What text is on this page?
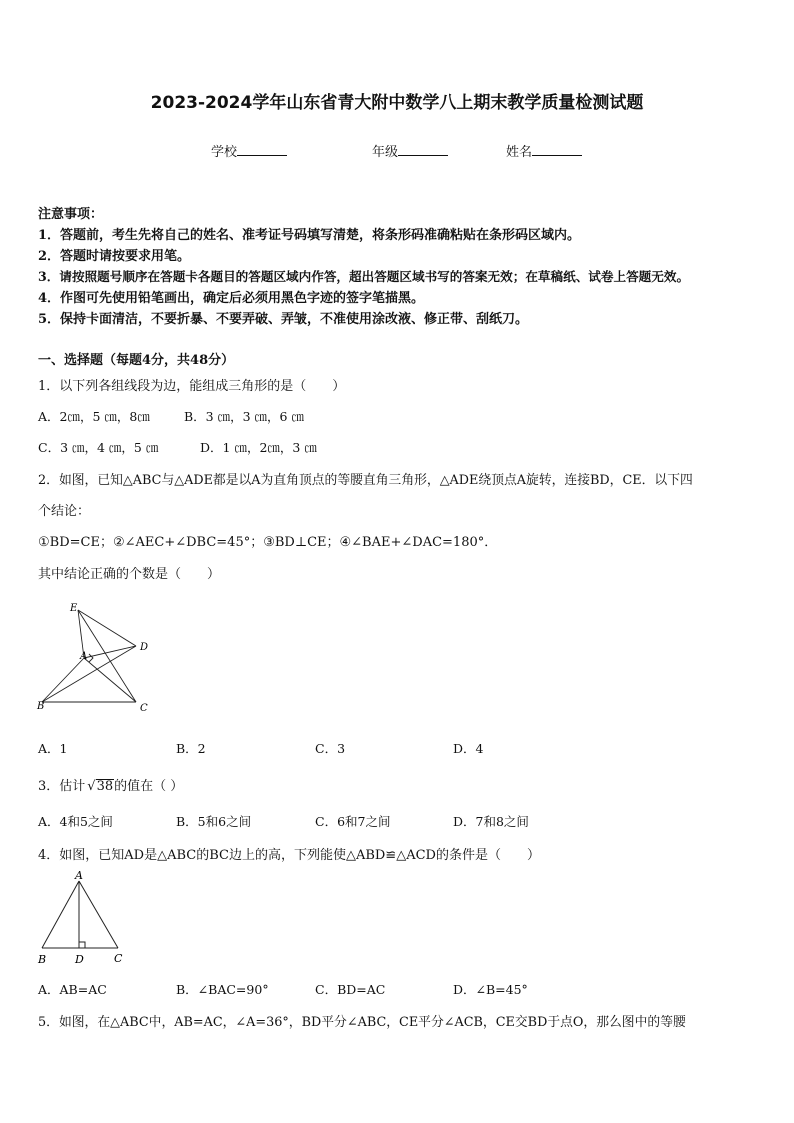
2023-2024学年山东省青大附中数学八上期末教学质量检测试题
学校	年级	姓名
注意事项：
1．答题前，考生先将自己的姓名、准考证号码填写清楚，将条形码准确粘贴在条形码区域内。
2．答题时请按要求用笔。
3．请按照题号顺序在答题卡各题目的答题区域内作答，超出答题区域书写的答案无效；在草稿纸、试卷上答题无效。
4．作图可先使用铅笔画出，确定后必须用黑色字迹的签字笔描黑。
5．保持卡面清洁，不要折暴、不要弄破、弄皱，不准使用涂改液、修正带、刮纸刀。
一、选择题（每题4分，共48分）
1．以下列各组线段为边，能组成三角形的是（　　）
A．2㎝，5 ㎝，8㎝	B．3 ㎝，3 ㎝，6 ㎝
C．3 ㎝，4 ㎝，5 ㎝	D．1 ㎝，2㎝，3 ㎝
2．如图，已知△ABC与△ADE都是以A为直角顶点的等腰直角三角形，△ADE绕顶点A旋转，连接BD，CE．以下四
个结论：
①BD=CE；②∠AEC+∠DBC=45°；③BD⊥CE；④∠BAE+∠DAC=180°．
其中结论正确的个数是（　　）
E
A
D
B	C
A．1	B．2	C．3	D．4
3．估计 √38的值在（ ）
A．4和5之间	B．5和6之间	C．6和7之间	D．7和8之间
4．如图，已知AD是△ABC的BC边上的高，下列能使△ABD≌△ACD的条件是（　　）
A
B	D	C
A．AB=AC	B．∠BAC=90°	C．BD=AC	D．∠B=45°
5．如图，在△ABC中，AB=AC，∠A=36°，BD平分∠ABC，CE平分∠ACB，CE交BD于点O，那么图中的等腰
